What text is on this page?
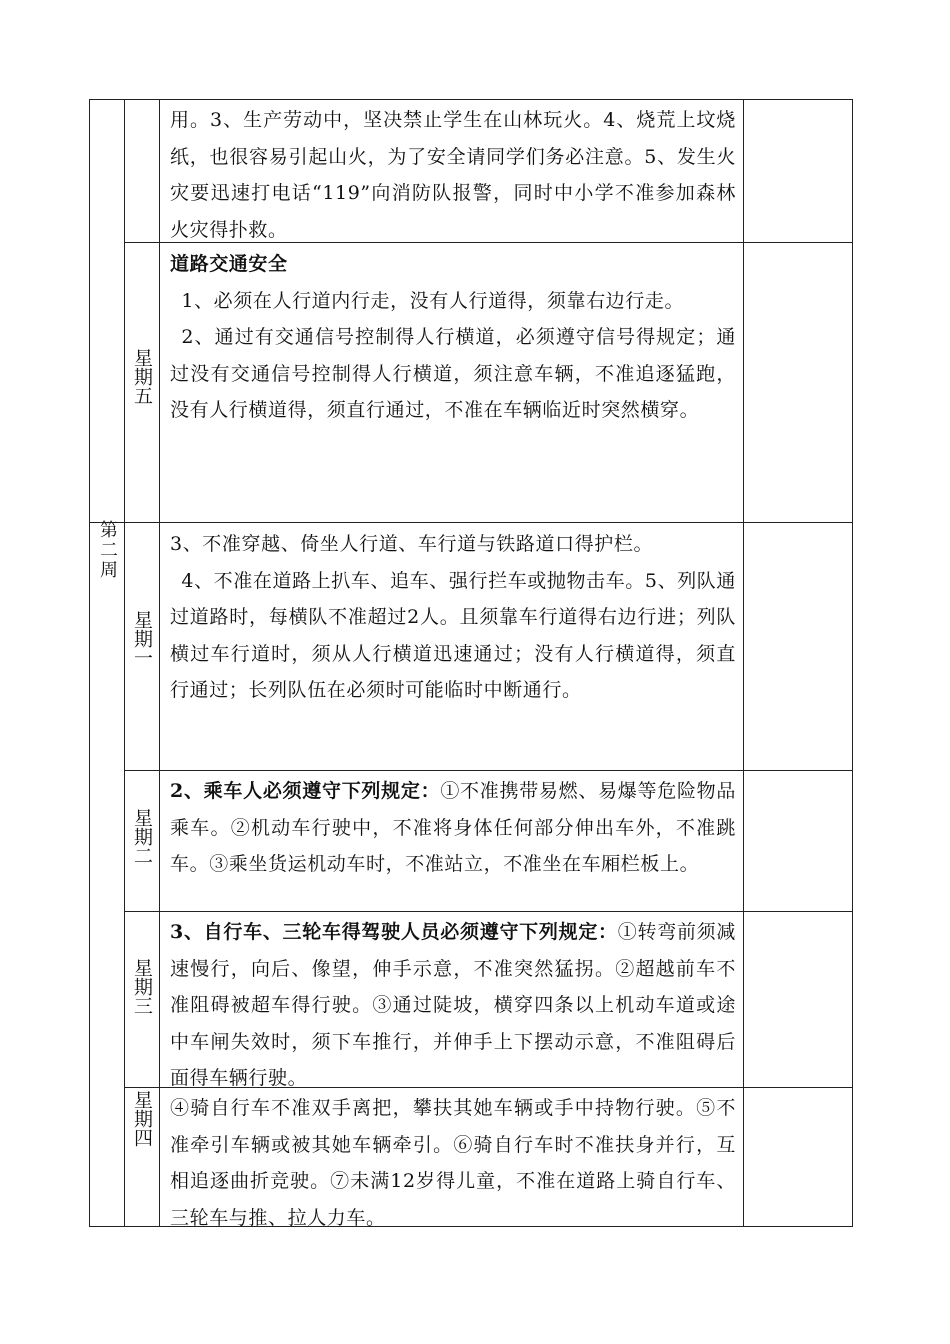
第二周

用。3、生产劳动中，坚决禁止学生在山林玩火。4、烧荒上坟烧纸，也很容易引起山火，为了安全请同学们务必注意。5、发生火灾要迅速打电话“119”向消防队报警，同时中小学不准参加森林火灾得扑救。

星期五

道路交通安全

1、必须在人行道内行走，没有人行道得，须靠右边行走。

2、通过有交通信号控制得人行横道，必须遵守信号得规定；通过没有交通信号控制得人行横道，须注意车辆，不准追逐猛跑，没有人行横道得，须直行通过，不准在车辆临近时突然横穿。

星期一

3、不准穿越、倚坐人行道、车行道与铁路道口得护栏。

4、不准在道路上扒车、追车、强行拦车或抛物击车。5、列队通过道路时，每横队不准超过2人。且须靠车行道得右边行进；列队横过车行道时，须从人行横道迅速通过；没有人行横道得，须直行通过；长列队伍在必须时可能临时中断通行。

星期二

2、乘车人必须遵守下列规定：①不准携带易燃、易爆等危险物品乘车。②机动车行驶中，不准将身体任何部分伸出车外，不准跳车。③乘坐货运机动车时，不准站立，不准坐在车厢栏板上。

星期三

3、自行车、三轮车得驾驶人员必须遵守下列规定：①转弯前须减速慢行，向后、像望，伸手示意，不准突然猛拐。②超越前车不准阻碍被超车得行驶。③通过陡坡，横穿四条以上机动车道或途中车闸失效时，须下车推行，并伸手上下摆动示意，不准阻碍后面得车辆行驶。

星期四 ④骑自行车不准双手离把，攀扶其她车辆或手中持物行驶。⑤不准牵引车辆或被其她车辆牵引。⑥骑自行车时不准扶身并行，互相追逐曲折竞驶。⑦未满12岁得儿童，不准在道路上骑自行车、三轮车与推、拉人力车。
